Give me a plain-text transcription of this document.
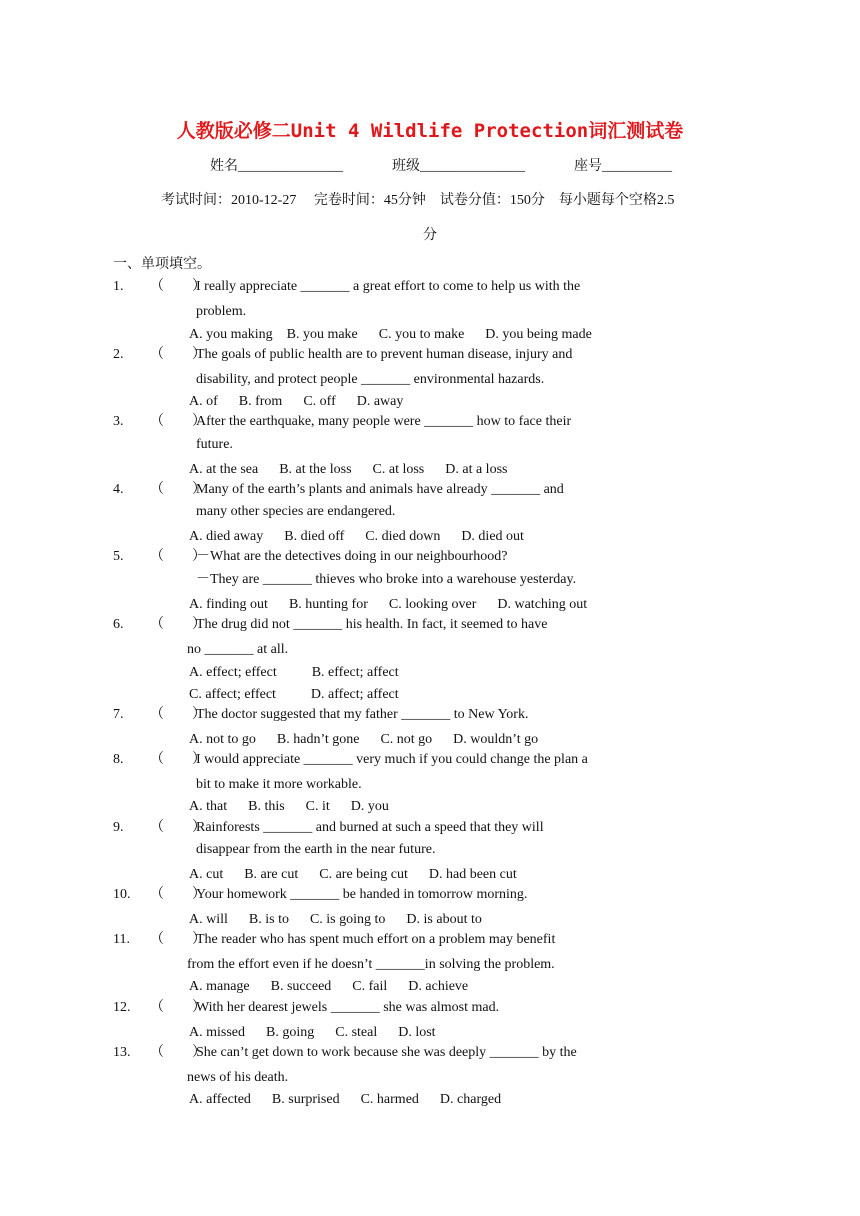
人教版必修二Unit 4 Wildlife Protection词汇测试卷
姓名_______________	班级_______________	座号__________
考试时间：2010-12-27　 完卷时间：45分钟　试卷分值：150分　每小题每个空格2.5
分
一、单项填空。
1. （　　）
I really appreciate _______ a great effort to come to help us with the
problem.
A. you making    B. you make      C. you to make      D. you being made
2. （　　）
The goals of public health are to prevent human disease, injury and
disability, and protect people _______ environmental hazards.
A. of      B. from      C. off      D. away
3. （　　）
After the earthquake, many people were _______ how to face their
future.
A. at the sea      B. at the loss      C. at loss      D. at a loss
4. （　　）
Many of the earth’s plants and animals have already _______ and
many other species are endangered.
A. died away      B. died off      C. died down      D. died out
5. （　　）
－What are the detectives doing in our neighbourhood?
－They are _______ thieves who broke into a warehouse yesterday.
A. finding out      B. hunting for      C. looking over      D. watching out
6. （　　）
The drug did not _______ his health. In fact, it seemed to have
no _______ at all.
A. effect; effect          B. effect; affect
C. affect; effect          D. affect; affect
7. （　　）
The doctor suggested that my father _______ to New York.
A. not to go      B. hadn’t gone      C. not go      D. wouldn’t go
8. （　　）
I would appreciate _______ very much if you could change the plan a
bit to make it more workable.
A. that      B. this      C. it      D. you
9. （　　）
Rainforests _______ and burned at such a speed that they will
disappear from the earth in the near future.
A. cut      B. are cut      C. are being cut      D. had been cut
10. （　　）
Your homework _______ be handed in tomorrow morning.
A. will      B. is to      C. is going to      D. is about to
11. （　　）
The reader who has spent much effort on a problem may benefit
from the effort even if he doesn’t _______in solving the problem.
A. manage      B. succeed      C. fail      D. achieve
12. （　　）
With her dearest jewels _______ she was almost mad.
A. missed      B. going      C. steal      D. lost
13. （　　）
She can’t get down to work because she was deeply _______ by the
news of his death.
A. affected      B. surprised      C. harmed      D. charged
